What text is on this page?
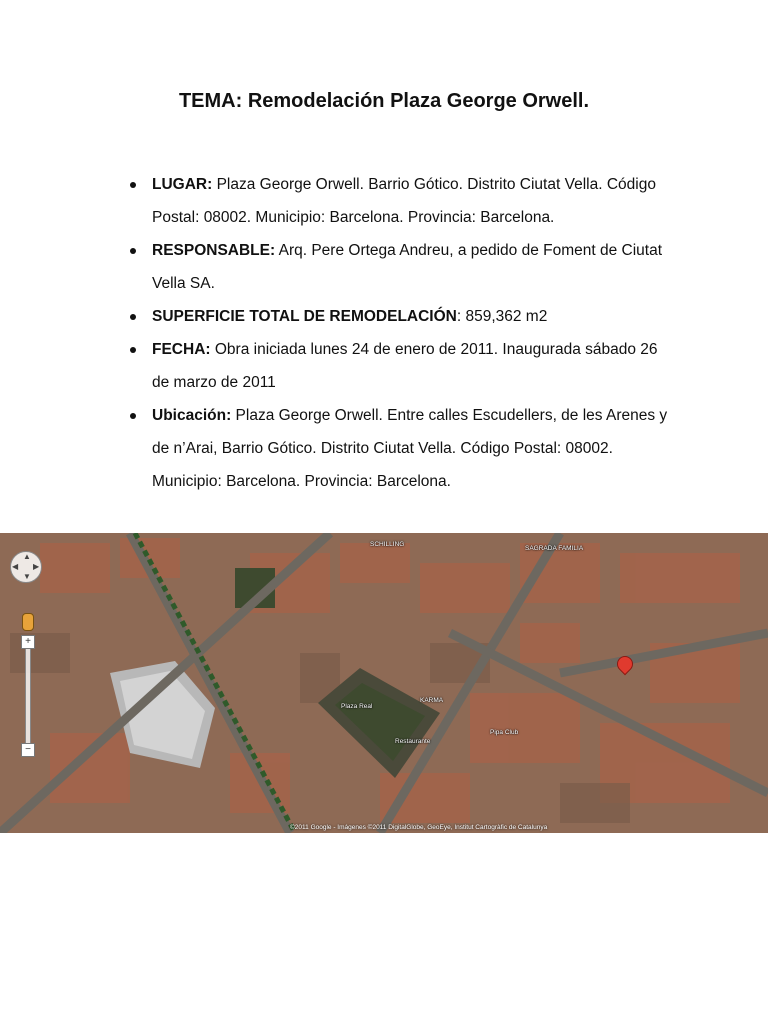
TEMA: Remodelación Plaza George Orwell.
LUGAR: Plaza George Orwell. Barrio Gótico. Distrito Ciutat Vella. Código Postal: 08002. Municipio: Barcelona. Provincia: Barcelona.
RESPONSABLE: Arq. Pere Ortega Andreu, a pedido de Foment de Ciutat Vella SA.
SUPERFICIE TOTAL DE REMODELACIÓN: 859,362 m2
FECHA: Obra iniciada lunes 24 de enero de 2011. Inaugurada sábado 26 de marzo de 2011
Ubicación: Plaza George Orwell. Entre calles Escudellers, de les Arenes y de n’Arai, Barrio Gótico. Distrito Ciutat Vella. Código Postal: 08002. Municipio: Barcelona. Provincia: Barcelona.
Plaza Real
KARMA
SCHILLING
SAGRADA FAMILIA
Pipa Club
Restaurante
▲
▼
◀ ▶
+
−
©2011 Google - Imágenes ©2011 DigitalGlobe, GeoEye, Institut Cartogràfic de Catalunya
